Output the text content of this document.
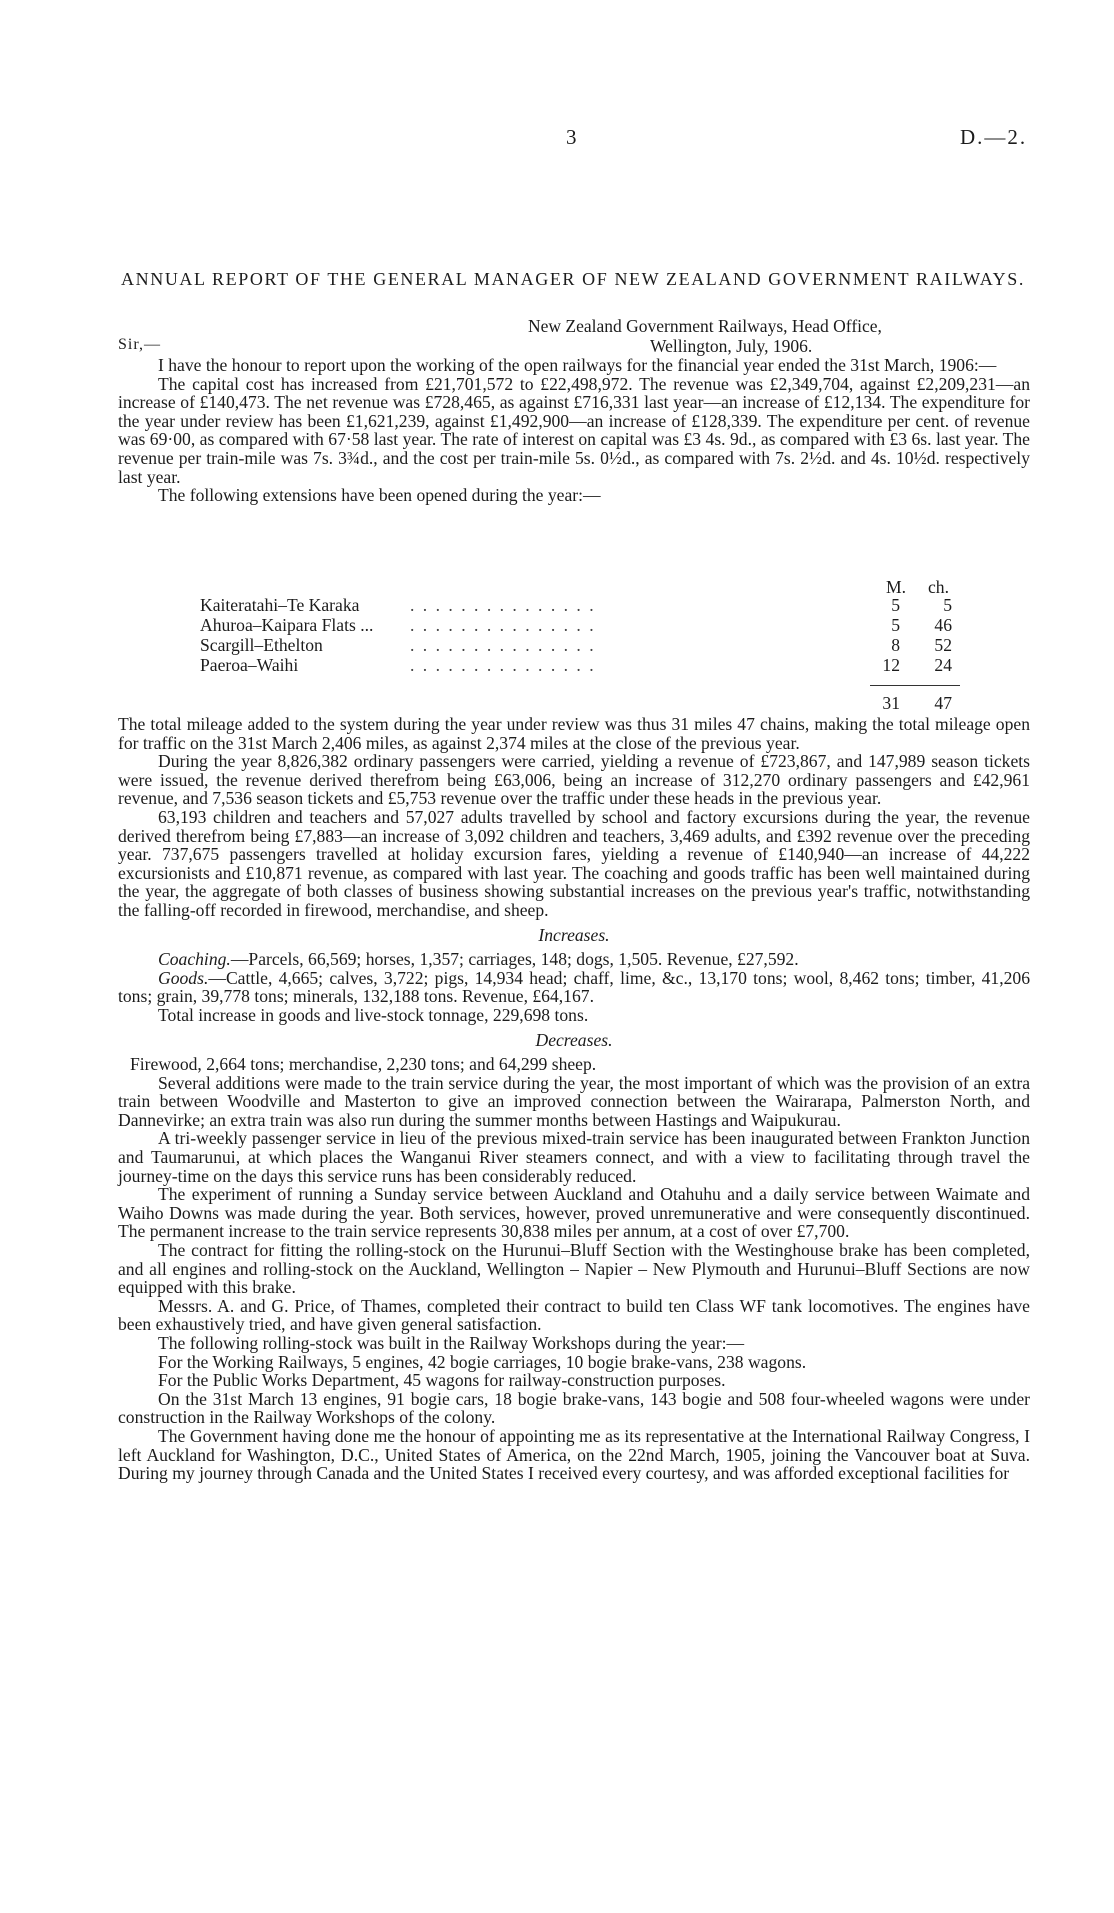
3	D.—2.
ANNUAL REPORT OF THE GENERAL MANAGER OF NEW ZEALAND GOVERNMENT RAILWAYS.
New Zealand Government Railways, Head Office,
Sir,—	Wellington, July, 1906.

I have the honour to report upon the working of the open railways for the financial year ended the 31st March, 1906:—

The capital cost has increased from £21,701,572 to £22,498,972. The revenue was £2,349,704, against £2,209,231—an increase of £140,473. The net revenue was £728,465, as against £716,331 last year—an increase of £12,134. The expenditure for the year under review has been £1,621,239, against £1,492,900—an increase of £128,339. The expenditure per cent. of revenue was 69·00, as compared with 67·58 last year. The rate of interest on capital was £3 4s. 9d., as compared with £3 6s. last year. The revenue per train-mile was 7s. 3¾d., and the cost per train-mile 5s. 0½d., as compared with 7s. 2½d. and 4s. 10½d. respectively last year.

The following extensions have been opened during the year:—

M. ch.
Kaiteratahi–Te Karaka	. . . . . . . . . . . . . . .	5	5
Ahuroa–Kaipara Flats ... . . . . . . . . . . . . . . .	5	46
Scargill–Ethelton	. . . . . . . . . . . . . . .	8	52
Paeroa–Waihi	. . . . . . . . . . . . . . .	12	24
31	47

The total mileage added to the system during the year under review was thus 31 miles 47 chains, making the total mileage open for traffic on the 31st March 2,406 miles, as against 2,374 miles at the close of the previous year.

During the year 8,826,382 ordinary passengers were carried, yielding a revenue of £723,867, and 147,989 season tickets were issued, the revenue derived therefrom being £63,006, being an increase of 312,270 ordinary passengers and £42,961 revenue, and 7,536 season tickets and £5,753 revenue over the traffic under these heads in the previous year.

63,193 children and teachers and 57,027 adults travelled by school and factory excursions during the year, the revenue derived therefrom being £7,883—an increase of 3,092 children and teachers, 3,469 adults, and £392 revenue over the preceding year. 737,675 passengers travelled at holiday excursion fares, yielding a revenue of £140,940—an increase of 44,222 excursionists and £10,871 revenue, as compared with last year. The coaching and goods traffic has been well maintained during the year, the aggregate of both classes of business showing substantial increases on the previous year's traffic, notwithstanding the falling-off recorded in firewood, merchandise, and sheep.

Increases.

Coaching.—Parcels, 66,569; horses, 1,357; carriages, 148; dogs, 1,505. Revenue, £27,592.

Goods.—Cattle, 4,665; calves, 3,722; pigs, 14,934 head; chaff, lime, &c., 13,170 tons; wool, 8,462 tons; timber, 41,206 tons; grain, 39,778 tons; minerals, 132,188 tons. Revenue, £64,167.

Total increase in goods and live-stock tonnage, 229,698 tons.

Decreases.

Firewood, 2,664 tons; merchandise, 2,230 tons; and 64,299 sheep.

Several additions were made to the train service during the year, the most important of which was the provision of an extra train between Woodville and Masterton to give an improved connection between the Wairarapa, Palmerston North, and Dannevirke; an extra train was also run during the summer months between Hastings and Waipukurau.

A tri-weekly passenger service in lieu of the previous mixed-train service has been inaugurated between Frankton Junction and Taumarunui, at which places the Wanganui River steamers connect, and with a view to facilitating through travel the journey-time on the days this service runs has been considerably reduced.

The experiment of running a Sunday service between Auckland and Otahuhu and a daily service between Waimate and Waiho Downs was made during the year. Both services, however, proved unremunerative and were consequently discontinued. The permanent increase to the train service represents 30,838 miles per annum, at a cost of over £7,700.

The contract for fitting the rolling-stock on the Hurunui–Bluff Section with the Westinghouse brake has been completed, and all engines and rolling-stock on the Auckland, Wellington – Napier – New Plymouth and Hurunui–Bluff Sections are now equipped with this brake.

Messrs. A. and G. Price, of Thames, completed their contract to build ten Class WF tank locomotives. The engines have been exhaustively tried, and have given general satisfaction.

The following rolling-stock was built in the Railway Workshops during the year:—

For the Working Railways, 5 engines, 42 bogie carriages, 10 bogie brake-vans, 238 wagons.

For the Public Works Department, 45 wagons for railway-construction purposes.

On the 31st March 13 engines, 91 bogie cars, 18 bogie brake-vans, 143 bogie and 508 four-wheeled wagons were under construction in the Railway Workshops of the colony.

The Government having done me the honour of appointing me as its representative at the International Railway Congress, I left Auckland for Washington, D.C., United States of America, on the 22nd March, 1905, joining the Vancouver boat at Suva. During my journey through Canada and the United States I received every courtesy, and was afforded exceptional facilities for
